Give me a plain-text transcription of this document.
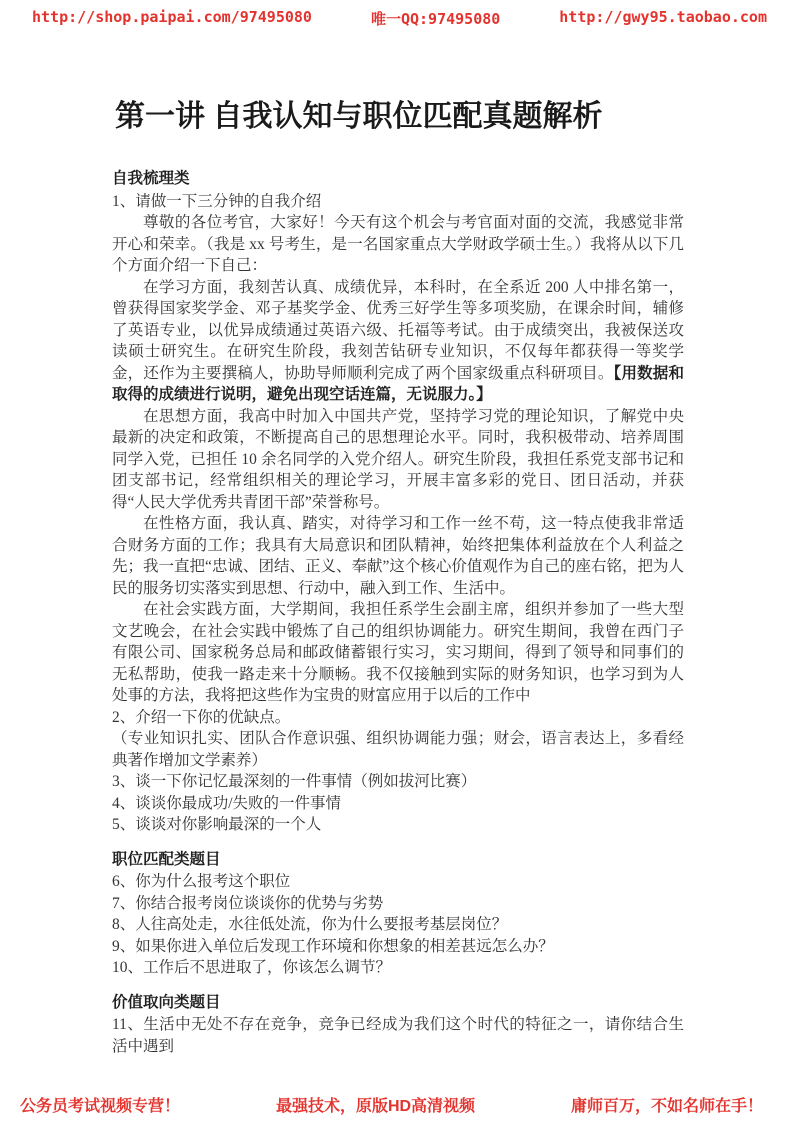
http://shop.paipai.com/97495080	唯一QQ:97495080	http://gwy95.taobao.com
第一讲 自我认知与职位匹配真题解析
自我梳理类

1、请做一下三分钟的自我介绍

尊敬的各位考官，大家好！今天有这个机会与考官面对面的交流，我感觉非常开心和荣幸。（我是 xx 号考生，是一名国家重点大学财政学硕士生。）我将从以下几个方面介绍一下自己：

在学习方面，我刻苦认真、成绩优异，本科时，在全系近 200 人中排名第一，曾获得国家奖学金、邓子基奖学金、优秀三好学生等多项奖励，在课余时间，辅修了英语专业，以优异成绩通过英语六级、托福等考试。由于成绩突出，我被保送攻读硕士研究生。在研究生阶段，我刻苦钻研专业知识，不仅每年都获得一等奖学金，还作为主要撰稿人，协助导师顺利完成了两个国家级重点科研项目。【用数据和取得的成绩进行说明，避免出现空话连篇，无说服力。】

在思想方面，我高中时加入中国共产党，坚持学习党的理论知识，了解党中央最新的决定和政策，不断提高自己的思想理论水平。同时，我积极带动、培养周围同学入党，已担任 10 余名同学的入党介绍人。研究生阶段，我担任系党支部书记和团支部书记，经常组织相关的理论学习，开展丰富多彩的党日、团日活动，并获得“人民大学优秀共青团干部”荣誉称号。

在性格方面，我认真、踏实，对待学习和工作一丝不苟，这一特点使我非常适合财务方面的工作；我具有大局意识和团队精神，始终把集体利益放在个人利益之先；我一直把“忠诚、团结、正义、奉献”这个核心价值观作为自己的座右铭，把为人民的服务切实落实到思想、行动中，融入到工作、生活中。

在社会实践方面，大学期间，我担任系学生会副主席，组织并参加了一些大型文艺晚会，在社会实践中锻炼了自己的组织协调能力。研究生期间，我曾在西门子有限公司、国家税务总局和邮政储蓄银行实习，实习期间，得到了领导和同事们的无私帮助，使我一路走来十分顺畅。我不仅接触到实际的财务知识，也学习到为人处事的方法，我将把这些作为宝贵的财富应用于以后的工作中

2、介绍一下你的优缺点。

（专业知识扎实、团队合作意识强、组织协调能力强；财会，语言表达上，多看经典著作增加文学素养）

3、谈一下你记忆最深刻的一件事情（例如拔河比赛）

4、谈谈你最成功/失败的一件事情

5、谈谈对你影响最深的一个人

职位匹配类题目

6、你为什么报考这个职位

7、你结合报考岗位谈谈你的优势与劣势

8、人往高处走，水往低处流，你为什么要报考基层岗位？

9、如果你进入单位后发现工作环境和你想象的相差甚远怎么办？

10、工作后不思进取了，你该怎么调节？

价值取向类题目

11、生活中无处不存在竞争，竞争已经成为我们这个时代的特征之一，请你结合生活中遇到

公务员考试视频专营！	最强技术，原版HD高清视频	庸师百万，不如名师在手！
